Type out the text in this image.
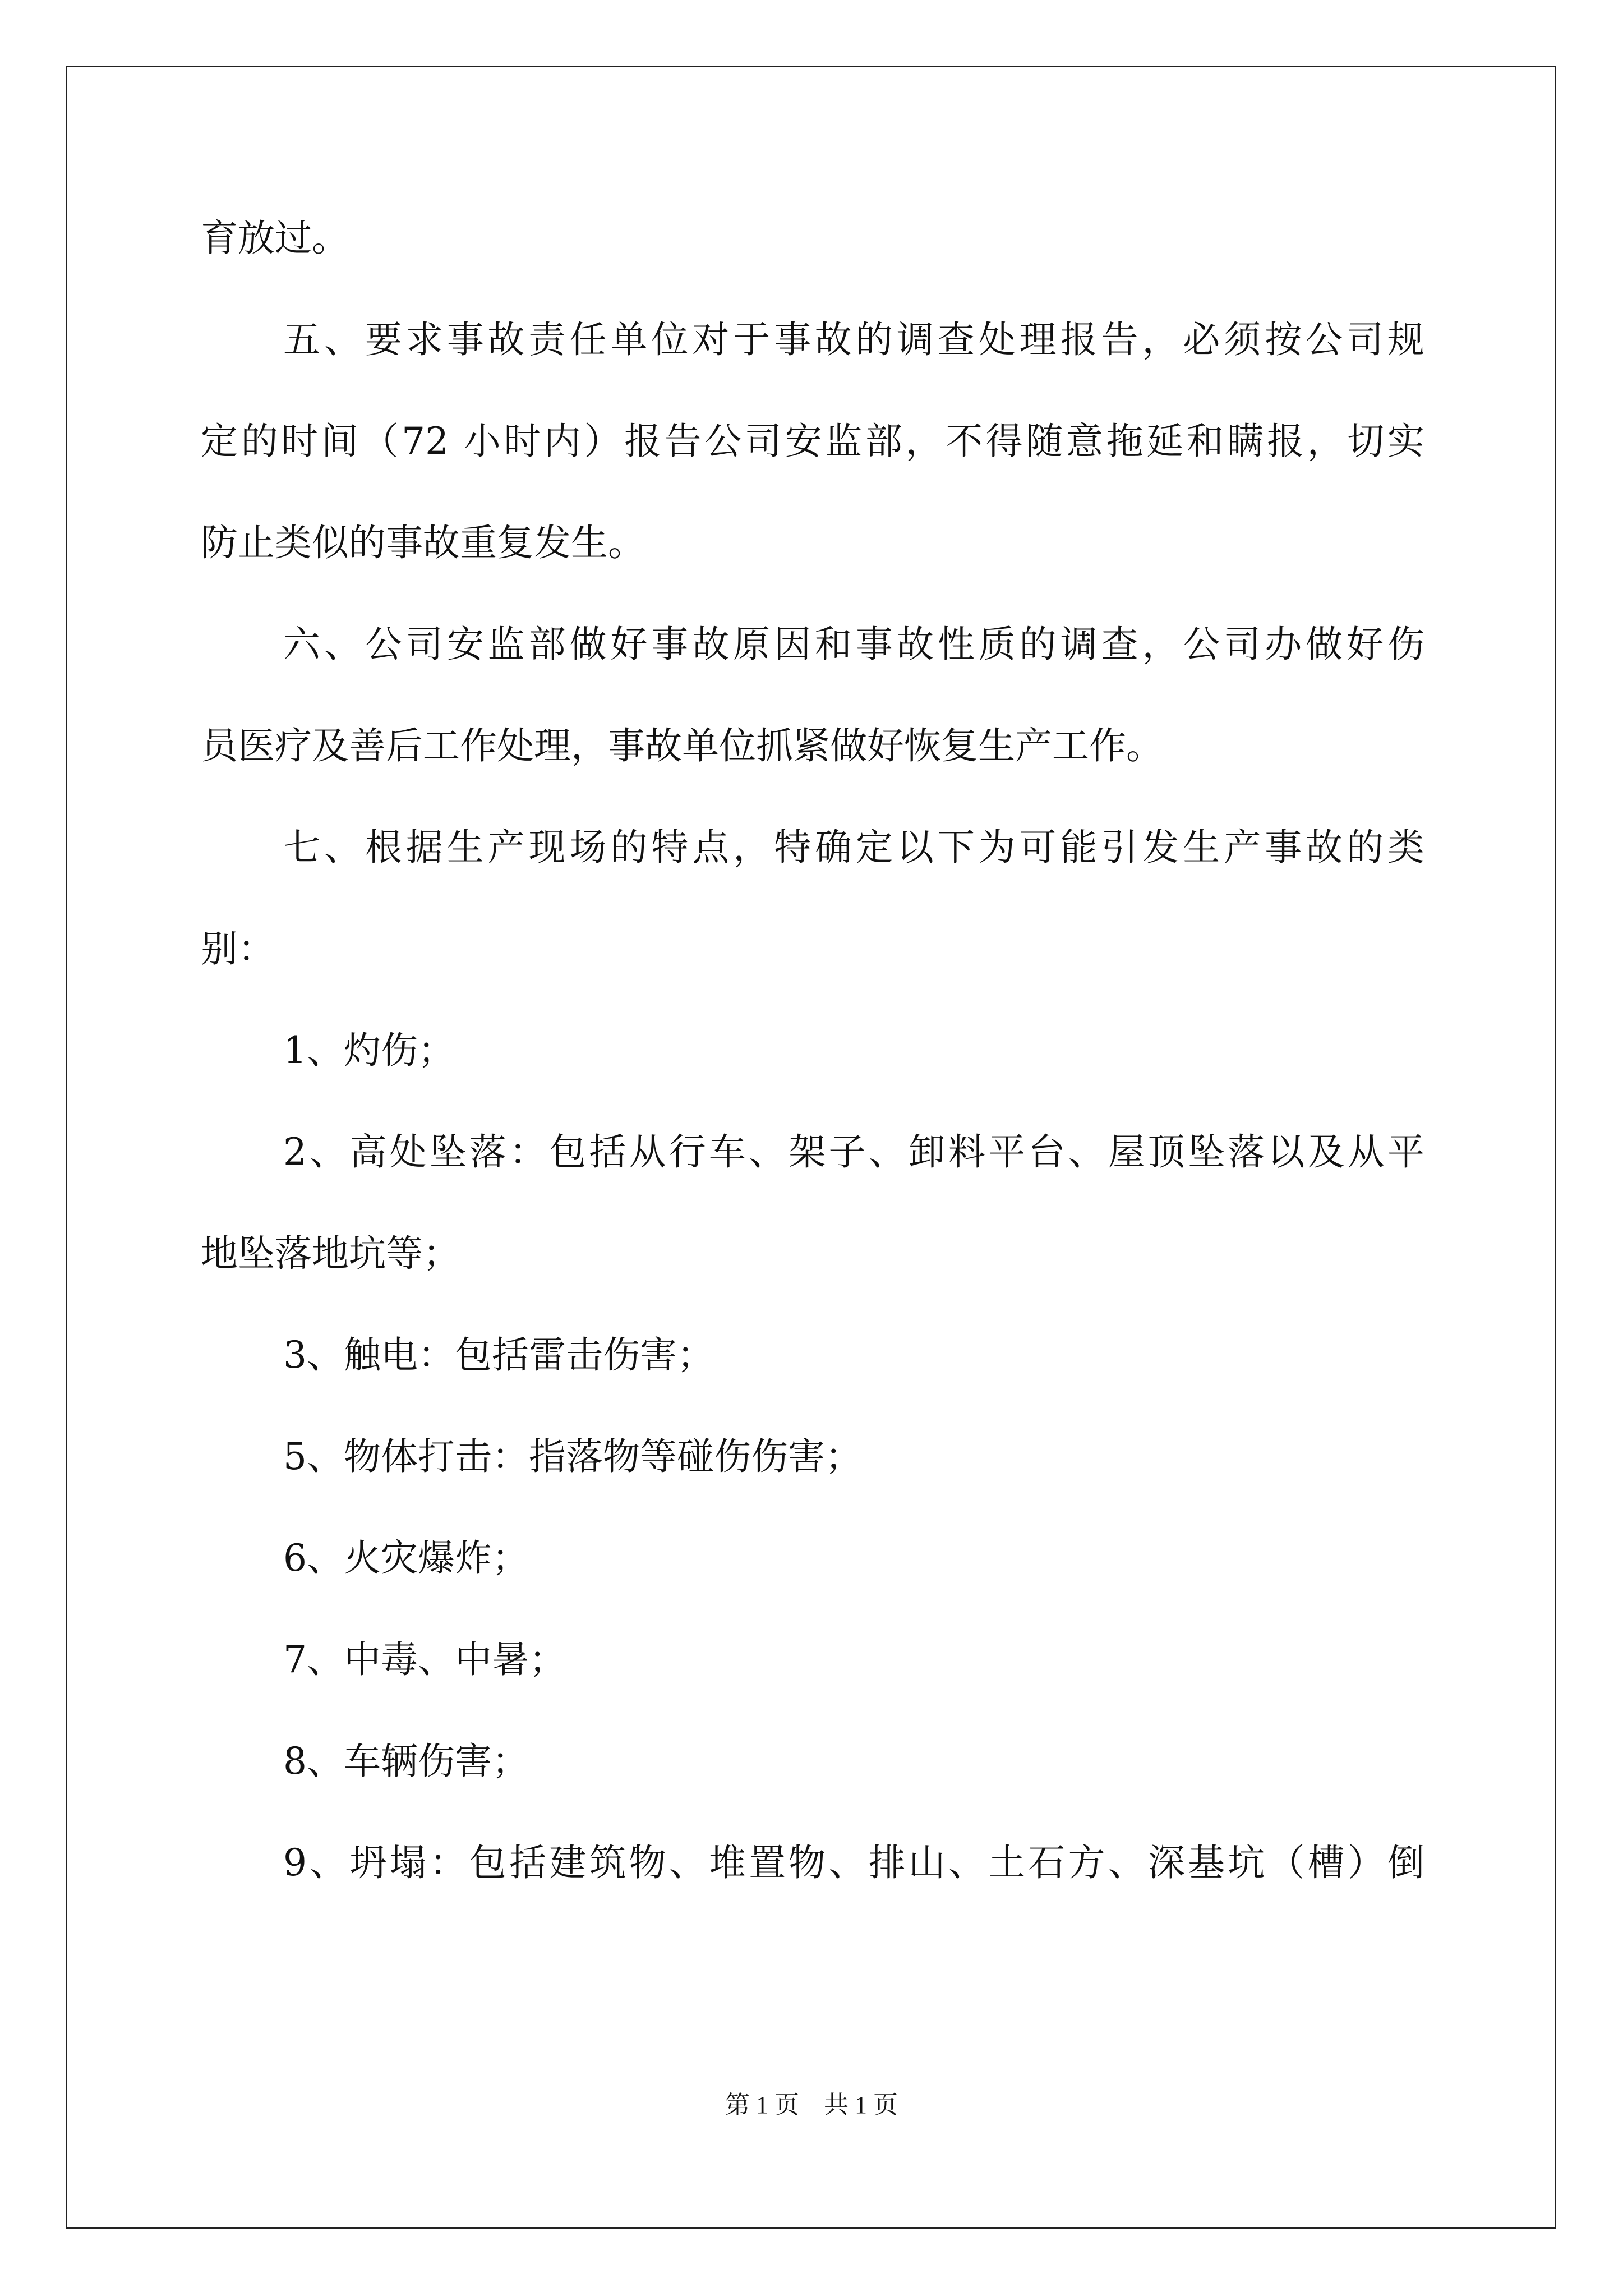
育放过。
五、要求事故责任单位对于事故的调查处理报告，必须按公司规
定的时间（72 小时内）报告公司安监部，不得随意拖延和瞒报，切实
防止类似的事故重复发生。
六、公司安监部做好事故原因和事故性质的调查，公司办做好伤
员医疗及善后工作处理，事故单位抓紧做好恢复生产工作。
七、根据生产现场的特点，特确定以下为可能引发生产事故的类
别：
1、灼伤；
2、高处坠落：包括从行车、架子、卸料平台、屋顶坠落以及从平
地坠落地坑等；
3、触电：包括雷击伤害；
5、物体打击：指落物等碰伤伤害；
6、火灾爆炸；
7、中毒、中暑；
8、车辆伤害；
9、坍塌：包括建筑物、堆置物、排山、土石方、深基坑（槽）倒
第 1 页 共 1 页
